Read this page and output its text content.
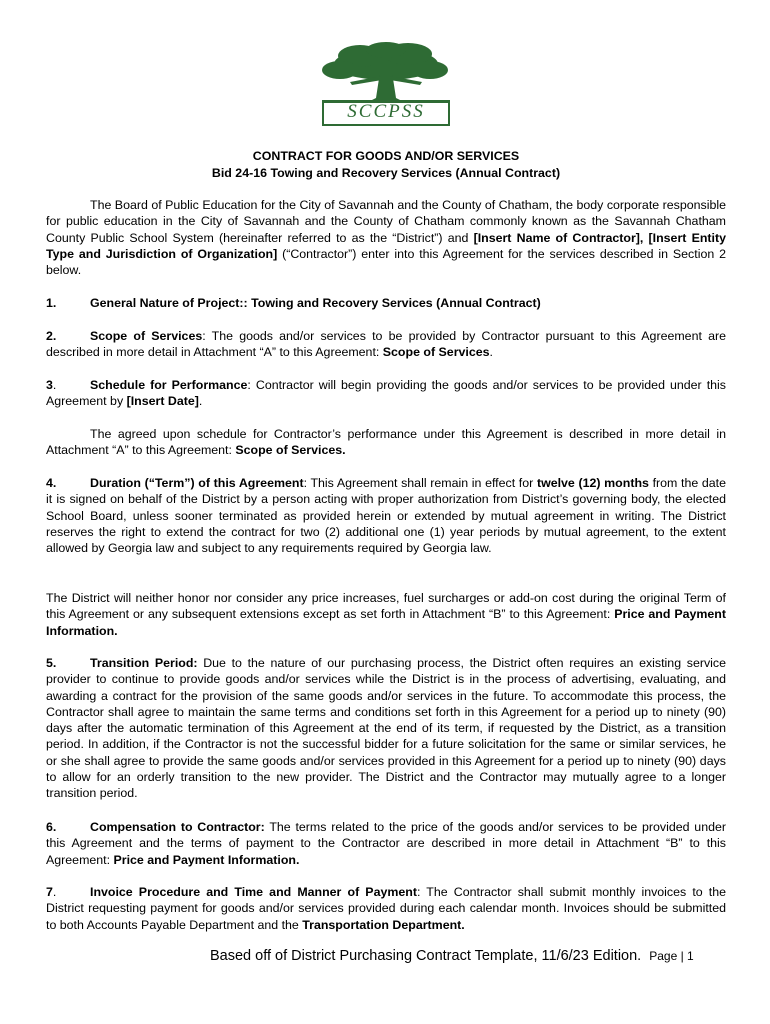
SCCPSS
CONTRACT FOR GOODS AND/OR SERVICES
Bid 24-16 Towing and Recovery Services (Annual Contract)
The Board of Public Education for the City of Savannah and the County of Chatham, the body corporate responsible for public education in the City of Savannah and the County of Chatham commonly known as the Savannah Chatham County Public School System (hereinafter referred to as the “District”) and [Insert Name of Contractor], [Insert Entity Type and Jurisdiction of Organization] (“Contractor”) enter into this Agreement for the services described in Section 2 below.
1.	General Nature of Project:: Towing and Recovery Services (Annual Contract)
2.	Scope of Services: The goods and/or services to be provided by Contractor pursuant to this Agreement are described in more detail in Attachment “A” to this Agreement: Scope of Services.
3.	Schedule for Performance: Contractor will begin providing the goods and/or services to be provided under this Agreement by [Insert Date].
The agreed upon schedule for Contractor’s performance under this Agreement is described in more detail in Attachment “A” to this Agreement: Scope of Services.
4.	Duration (“Term”) of this Agreement: This Agreement shall remain in effect for twelve (12) months from the date it is signed on behalf of the District by a person acting with proper authorization from District’s governing body, the elected School Board, unless sooner terminated as provided herein or extended by mutual agreement in writing. The District reserves the right to extend the contract for two (2) additional one (1) year periods by mutual agreement, to the extent allowed by Georgia law and subject to any requirements required by Georgia law.
The District will neither honor nor consider any price increases, fuel surcharges or add-on cost during the original Term of this Agreement or any subsequent extensions except as set forth in Attachment “B” to this Agreement: Price and Payment Information.
5.	Transition Period: Due to the nature of our purchasing process, the District often requires an existing service provider to continue to provide goods and/or services while the District is in the process of advertising, evaluating, and awarding a contract for the provision of the same goods and/or services in the future. To accommodate this process, the Contractor shall agree to maintain the same terms and conditions set forth in this Agreement for a period up to ninety (90) days after the automatic termination of this Agreement at the end of its term, if requested by the District, as a transition period. In addition, if the Contractor is not the successful bidder for a future solicitation for the same or similar services, he or she shall agree to provide the same goods and/or services provided in this Agreement for a period up to ninety (90) days to allow for an orderly transition to the new provider. The District and the Contractor may mutually agree to a longer transition period.
6.	Compensation to Contractor: The terms related to the price of the goods and/or services to be provided under this Agreement and the terms of payment to the Contractor are described in more detail in Attachment “B” to this Agreement: Price and Payment Information.
7.	Invoice Procedure and Time and Manner of Payment: The Contractor shall submit monthly invoices to the District requesting payment for goods and/or services provided during each calendar month. Invoices should be submitted to both Accounts Payable Department and the Transportation Department.
Based off of District Purchasing Contract Template, 11/6/23 Edition. Page | 1
